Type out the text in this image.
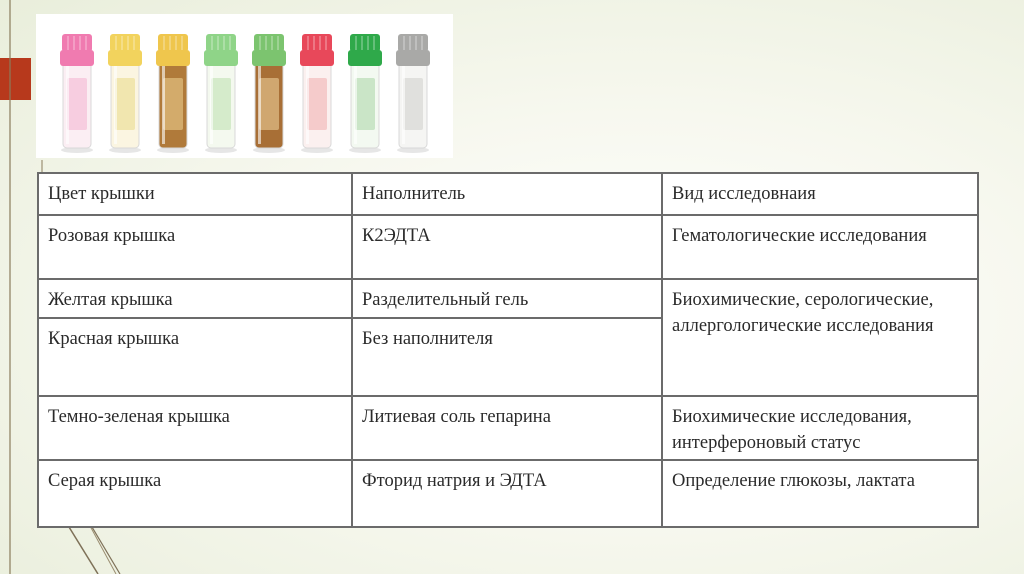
Цвет крышки	Наполнитель	Вид исследовнаия

Розовая крышка	К2ЭДТА	Гематологические исследования

Желтая крышка	Разделительный гель	Биохимические, серологические, аллергологические исследования

Красная крышка	Без наполнителя	

Темно-зеленая крышка	Литиевая соль гепарина	Биохимические исследования, интерфероновый статус

Серая крышка	Фторид натрия и ЭДТА	Определение глюкозы, лактата
